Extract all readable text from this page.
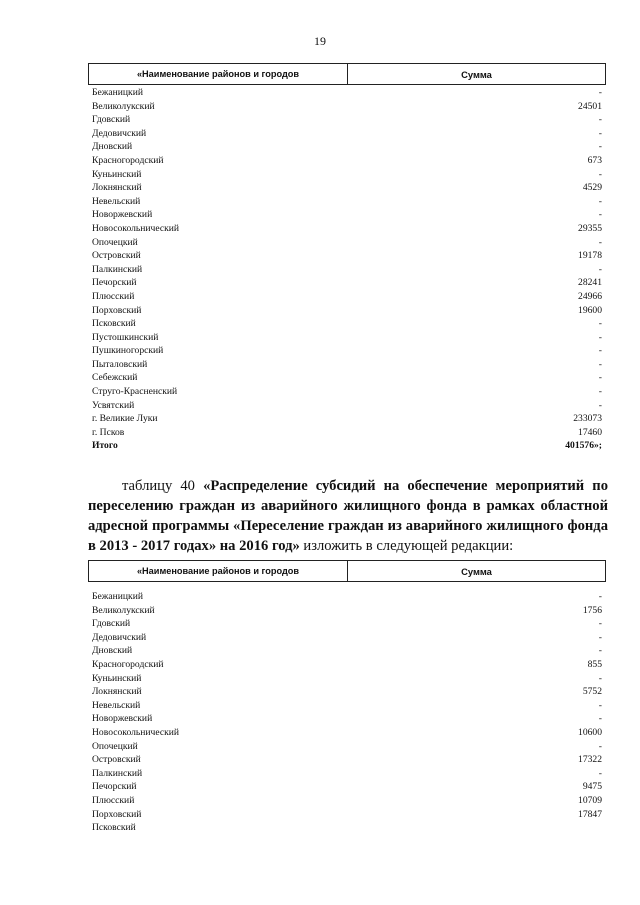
19
«Наименование районов и городов	Сумма
Бежаницкий	-
Великолукский	24501
Гдовский	-
Дедовичский	-
Дновский	-
Красногородский	673
Куньинский	-
Локнянский	4529
Невельский	-
Новоржевский	-
Новосокольнический	29355
Опочецкий	-
Островский	19178
Палкинский	-
Печорский	28241
Плюсский	24966
Порховский	19600
Псковский	-
Пустошкинский	-
Пушкиногорский	-
Пыталовский	-
Себежский	-
Струго-Красненский	-
Усвятский	-
г. Великие Луки	233073
г. Псков	17460
Итого	401576»;
таблицу 40 «Распределение субсидий на обеспечение мероприятий по переселению граждан из аварийного жилищного фонда в рамках областной адресной программы «Переселение граждан из аварийного жилищного фонда в 2013 - 2017 годах» на 2016 год» изложить в следующей редакции:
«Наименование районов и городов	Сумма
Бежаницкий	-
Великолукский	1756
Гдовский	-
Дедовичский	-
Дновский	-
Красногородский	855
Куньинский	-
Локнянский	5752
Невельский	-
Новоржевский	-
Новосокольнический	10600
Опочецкий	-
Островский	17322
Палкинский	-
Печорский	9475
Плюсский	10709
Порховский	17847
Псковский
